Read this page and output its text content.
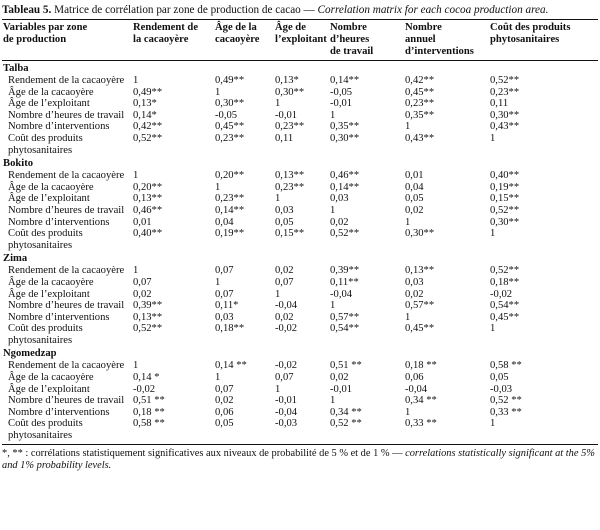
Tableau 5. Matrice de corrélation par zone de production de cacao — Correlation matrix for each cocoa production area.
Variables par zone
de production	Rendement de
la cacaoyère	Âge de la
cacaoyère	Âge de
l’exploitant	Nombre
d’heures
de travail	Nombre
annuel
d’interventions	Coût des produits
phytosanitaires

Talba						
Rendement de la cacaoyère	1	0,49**	0,13*	0,14**	0,42**	0,52**
Âge de la cacaoyère	0,49**	1	0,30**	-0,05	0,45**	0,23**
Âge de l’exploitant	0,13*	0,30**	1	-0,01	0,23**	0,11
Nombre d’heures de travail	0,14*	-0,05	-0,01	1	0,35**	0,30**
Nombre d’interventions	0,42**	0,45**	0,23**	0,35**	1	0,43**
Coût des produits phytosanitaires	0,52**	0,23**	0,11	0,30**	0,43**	1
Bokito						
Rendement de la cacaoyère	1	0,20**	0,13**	0,46**	0,01	0,40**
Âge de la cacaoyère	0,20**	1	0,23**	0,14**	0,04	0,19**
Âge de l’exploitant	0,13**	0,23**	1	0,03	0,05	0,15**
Nombre d’heures de travail	0,46**	0,14**	0,03	1	0,02	0,52**
Nombre d’interventions	0,01	0,04	0,05	0,02	1	0,30**
Coût des produits phytosanitaires	0,40**	0,19**	0,15**	0,52**	0,30**	1
Zima						
Rendement de la cacaoyère	1	0,07	0,02	0,39**	0,13**	0,52**
Âge de la cacaoyère	0,07	1	0,07	0,11**	0,03	0,18**
Âge de l’exploitant	0,02	0,07	1	-0,04	0,02	-0,02
Nombre d’heures de travail	0,39**	0,11*	-0,04	1	0,57**	0,54**
Nombre d’interventions	0,13**	0,03	0,02	0,57**	1	0,45**
Coût des produits phytosanitaires	0,52**	0,18**	-0,02	0,54**	0,45**	1
Ngomedzap						
Rendement de la cacaoyère	1	0,14 **	-0,02	0,51 **	0,18 **	0,58 **
Âge de la cacaoyère	0,14 *	1	0,07	0,02	0,06	0,05
Âge de l’exploitant	-0,02	0,07	1	-0,01	-0,04	-0,03
Nombre d’heures de travail	0,51 **	0,02	-0,01	1	0,34 **	0,52 **
Nombre d’interventions	0,18 **	0,06	-0,04	0,34 **	1	0,33 **
Coût des produits phytosanitaires	0,58 **	0,05	-0,03	0,52 **	0,33 **	1
*, ** : corrélations statistiquement significatives aux niveaux de probabilité de 5 % et de 1 % — correlations statistically significant at the 5% and 1% probability levels.
